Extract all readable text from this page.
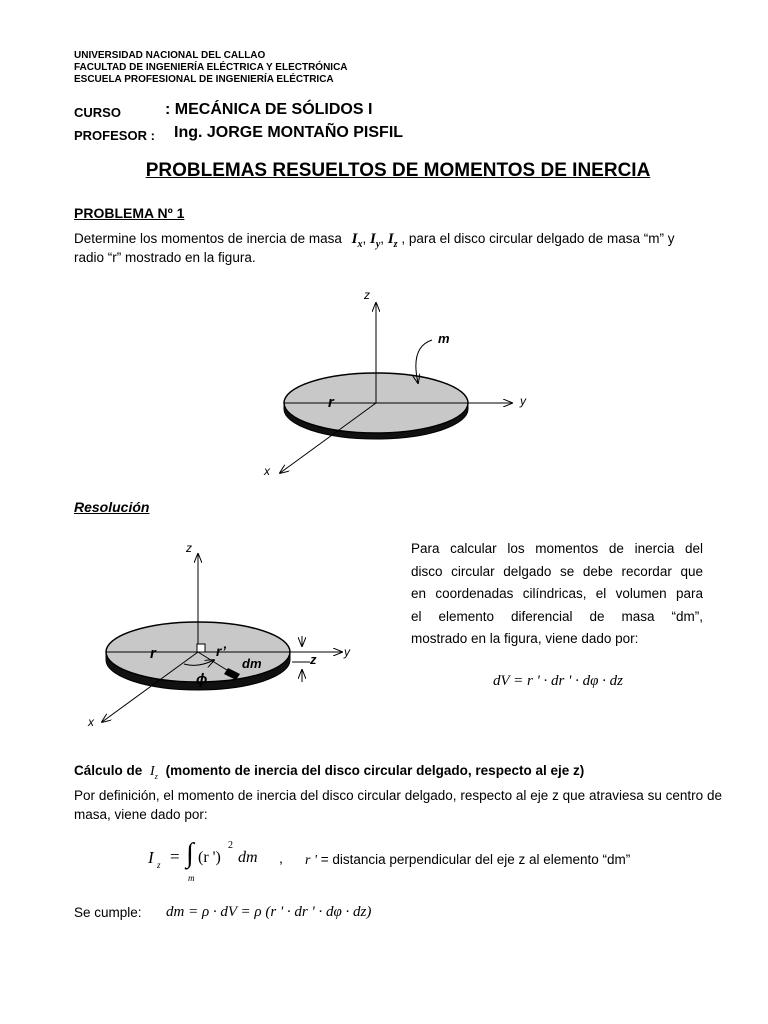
UNIVERSIDAD NACIONAL DEL CALLAO
FACULTAD DE INGENIERÍA ELÉCTRICA Y ELECTRÓNICA
ESCUELA PROFESIONAL DE INGENIERÍA ELÉCTRICA
CURSO	: MECÁNICA DE SÓLIDOS I
PROFESOR : Ing. JORGE MONTAÑO PISFIL
PROBLEMAS RESUELTOS DE MOMENTOS DE INERCIA
PROBLEMA Nº 1
Determine los momentos de inercia de masa $I_x$, $I_y$, $I_z$ , para el disco circular delgado de masa “m” y
radio “r” mostrado en la figura.
z
y
x
m
r
Resolución
z
y
x
r	r’
dm
ϕ
z
Para calcular los momentos de inercia del
disco circular delgado se debe recordar que
en coordenadas cilíndricas, el volumen para
el elemento diferencial de masa “dm”,
mostrado en la figura, viene dado por:
dV = r ' · dr ' · dφ · dz
Cálculo de $I_z$ (momento de inercia del disco circular delgado, respecto al eje z)
Por definición, el momento de inercia del disco circular delgado, respecto al eje z que atraviesa su centro de masa, viene dado por:
I z = ∫ (r ')
2
dm
m
, r ' = distancia perpendicular del eje z al elemento “dm”
Se cumple: dm = ρ · dV = ρ (r ' · dr ' · dφ · dz)
